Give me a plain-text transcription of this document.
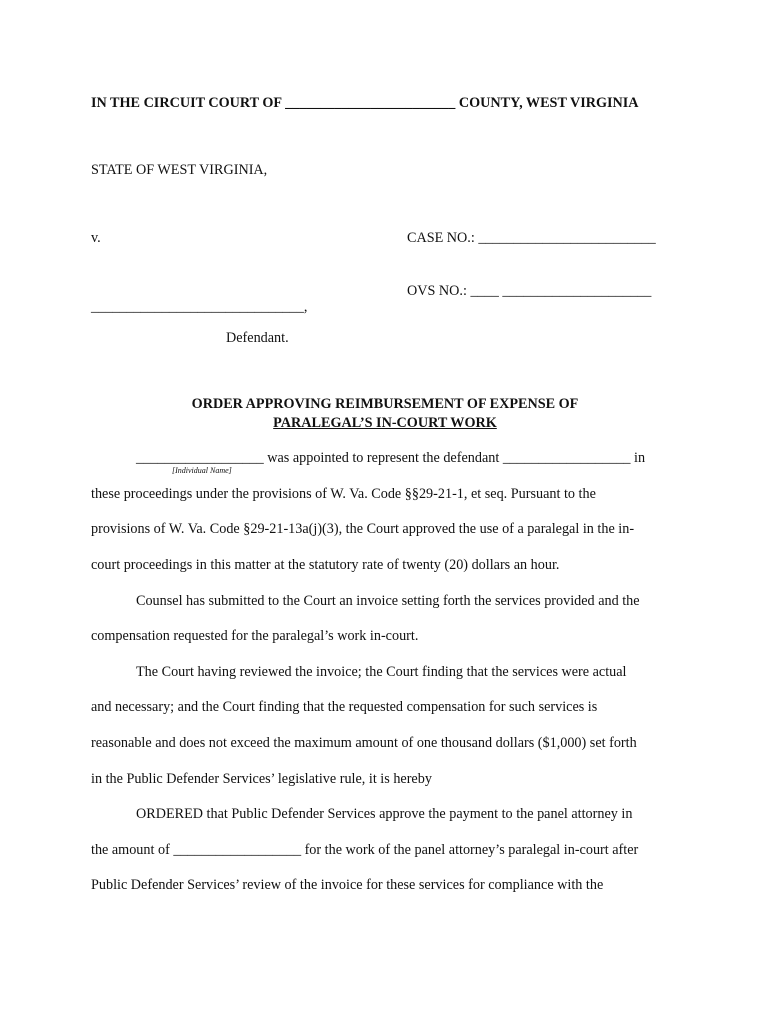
IN THE CIRCUIT COURT OF ________________________ COUNTY, WEST VIRGINIA
STATE OF WEST VIRGINIA,
v.	CASE NO.: _________________________
OVS NO.: ____ _____________________
______________________________,
Defendant.
ORDER APPROVING REIMBURSEMENT OF EXPENSE OF
PARALEGAL’S IN-COURT WORK
__________________ was appointed to represent the defendant __________________ in
[Individual Name]
these proceedings under the provisions of W. Va. Code §§29-21-1, et seq. Pursuant to the
provisions of W. Va. Code §29-21-13a(j)(3), the Court approved the use of a paralegal in the in-
court proceedings in this matter at the statutory rate of twenty (20) dollars an hour.
Counsel has submitted to the Court an invoice setting forth the services provided and the
compensation requested for the paralegal’s work in-court.
The Court having reviewed the invoice; the Court finding that the services were actual
and necessary; and the Court finding that the requested compensation for such services is
reasonable and does not exceed the maximum amount of one thousand dollars ($1,000) set forth
in the Public Defender Services’ legislative rule, it is hereby
ORDERED that Public Defender Services approve the payment to the panel attorney in
the amount of __________________ for the work of the panel attorney’s paralegal in-court after
Public Defender Services’ review of the invoice for these services for compliance with the
